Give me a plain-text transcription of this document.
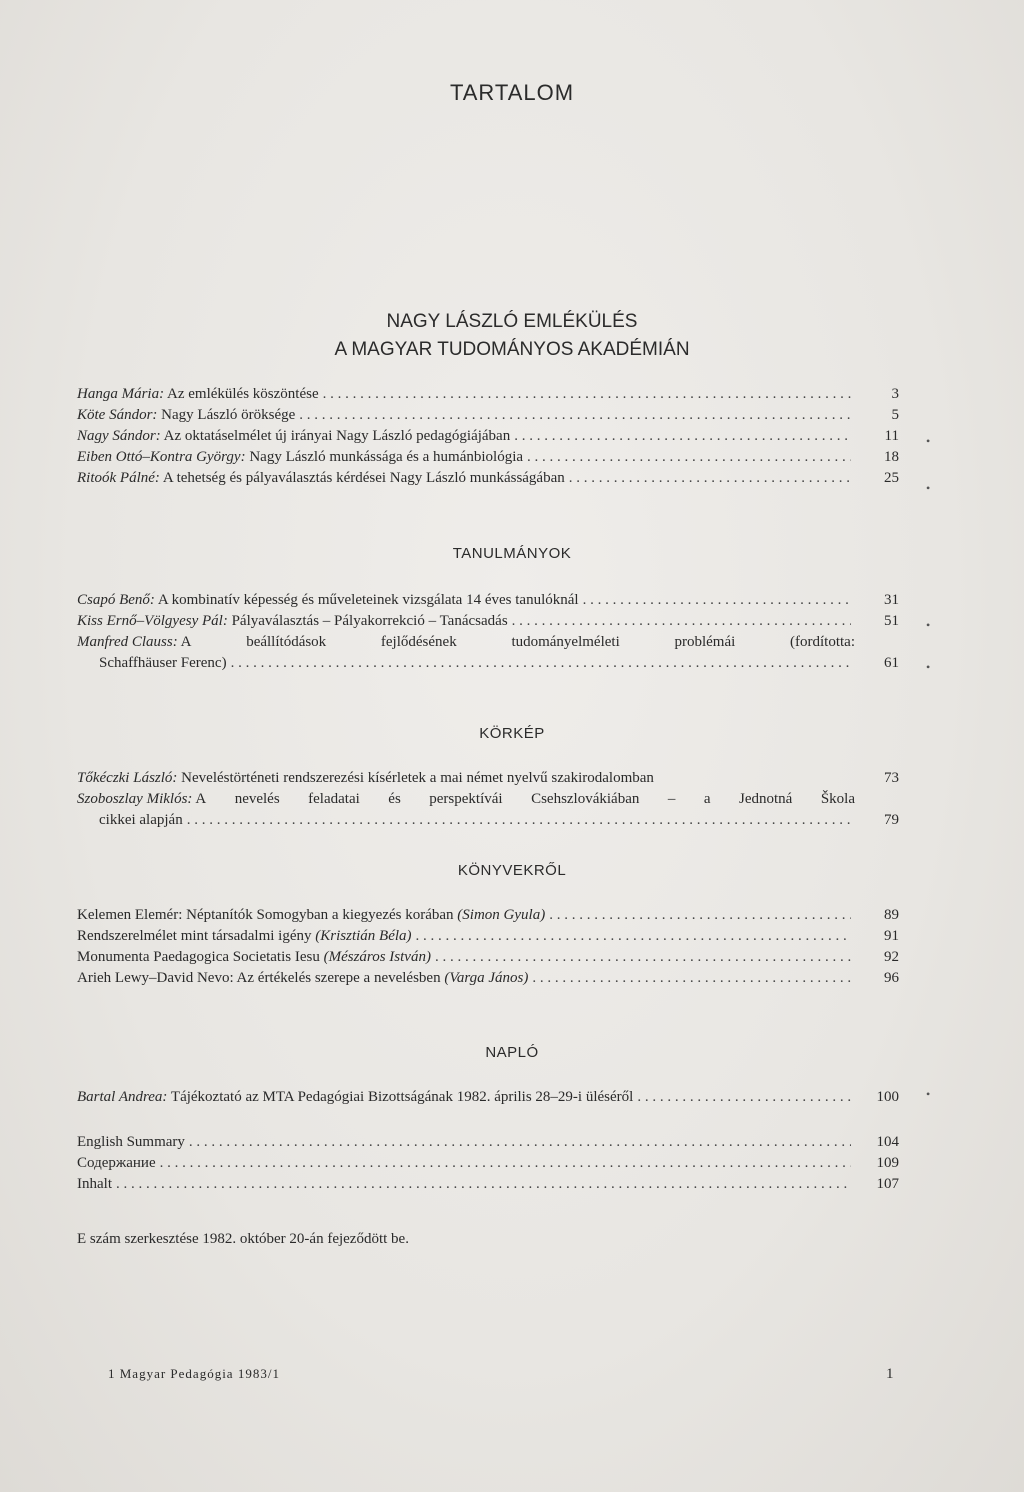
TARTALOM
NAGY LÁSZLÓ EMLÉKÜLÉS
A MAGYAR TUDOMÁNYOS AKADÉMIÁN
Hanga Mária: Az emlékülés köszöntése . . .	3
Köte Sándor: Nagy László öröksége . . .	5
Nagy Sándor: Az oktatáselmélet új irányai Nagy László pedagógiájában . . .	11
Eiben Ottó–Kontra György: Nagy László munkássága és a humánbiológia . . .	18
Ritoók Pálné: A tehetség és pályaválasztás kérdései Nagy László munkásságában . . .	25
TANULMÁNYOK
Csapó Benő: A kombinatív képesség és műveleteinek vizsgálata 14 éves tanulóknál . . .	31
Kiss Ernő–Völgyesy Pál: Pályaválasztás – Pályakorrekció – Tanácsadás . . .	51
Manfred Clauss: A	beállítódások	fejlődésének	tudományelméleti	problémái	(fordította:
Schaffhäuser Ferenc) . . .	61
KÖRKÉP
Tőkéczki László: Neveléstörténeti rendszerezési kísérletek a mai német nyelvű szakirodalomban	73
Szoboszlay Miklós: A nevelés feladatai és perspektívái Csehszlovákiában – a Jednotná Škola
cikkei alapján . . .	79
KÖNYVEKRŐL
Kelemen Elemér: Néptanítók Somogyban a kiegyezés korában (Simon Gyula) . . .	89
Rendszerelmélet mint társadalmi igény (Krisztián Béla) . . .	91
Monumenta Paedagogica Societatis Iesu (Mészáros István) . . .	92
Arieh Lewy–David Nevo: Az értékelés szerepe a nevelésben (Varga János) . . .	96
NAPLÓ
Bartal Andrea: Tájékoztató az MTA Pedagógiai Bizottságának 1982. április 28–29-i üléséről . . .	100
English Summary . . .	104
Содержание . . .	109
Inhalt . . .	107
E szám szerkesztése 1982. október 20-án fejeződött be.
1 Magyar Pedagógia 1983/1	1
•
•
•
•
•
